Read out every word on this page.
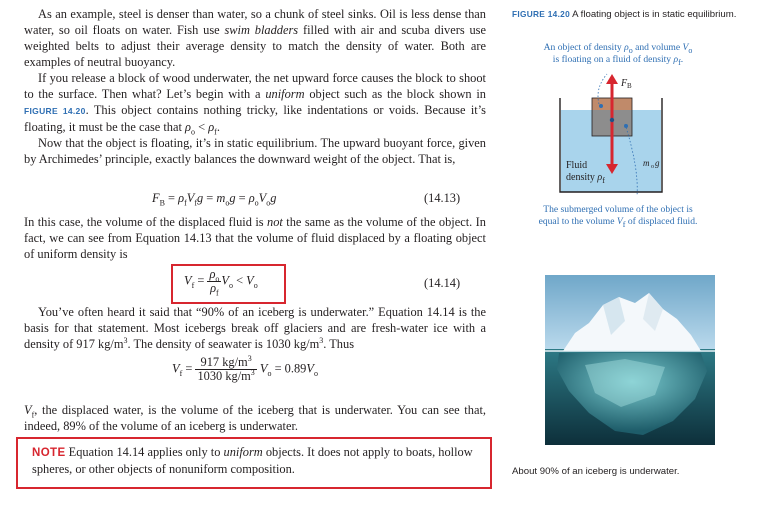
As an example, steel is denser than water, so a chunk of steel sinks. Oil is less dense than water, so oil floats on water. Fish use swim bladders filled with air and scuba divers use weighted belts to adjust their average density to match the density of water. Both are examples of neutral buoyancy.

If you release a block of wood underwater, the net upward force causes the block to shoot to the surface. Then what? Let’s begin with a uniform object such as the block shown in FIGURE 14.20. This object contains nothing tricky, like indentations or voids. Because it’s floating, it must be the case that $\rho_o < \rho_f$.

Now that the object is floating, it’s in static equilibrium. The upward buoyant force, given by Archimedes’ principle, exactly balances the downward weight of the object. That is,

$F_B = \rho_fV_fg = m_og = \rho_oV_og$	(14.13)

In this case, the volume of the displaced fluid is not the same as the volume of the object. In fact, we can see from Equation 14.13 that the volume of fluid displaced by a floating object of uniform density is

$V_f = \frac{\rho_o}{\rho_f} V_o < V_o$	(14.14)

You’ve often heard it said that “90% of an iceberg is underwater.” Equation 14.14 is the basis for that statement. Most icebergs break off glaciers and are fresh-water ice with a density of 917 $kg/m^3$. The density of seawater is 1030 $kg/m^3$. Thus

$V_f = \frac{917 kg/m^3}{1030 kg/m^3} V_o = 0.89V_o$

$V_f$, the displaced water, is the volume of the iceberg that is underwater. You can see that, indeed, 89% of the volume of an iceberg is underwater.

NOTE Equation 14.14 applies only to uniform objects. It does not apply to boats, hollow spheres, or other objects of nonuniform composition.
FIGURE 14.20 A floating object is in static equilibrium.
An object of density $\rho_o$ and volume $V_o$
is floating on a fluid of density $\rho_f$.
F B
m o g
Fluid
density $\rho_f$
The submerged volume of the object is
equal to the volume $V_f$ of displaced fluid.
About 90% of an iceberg is underwater.
